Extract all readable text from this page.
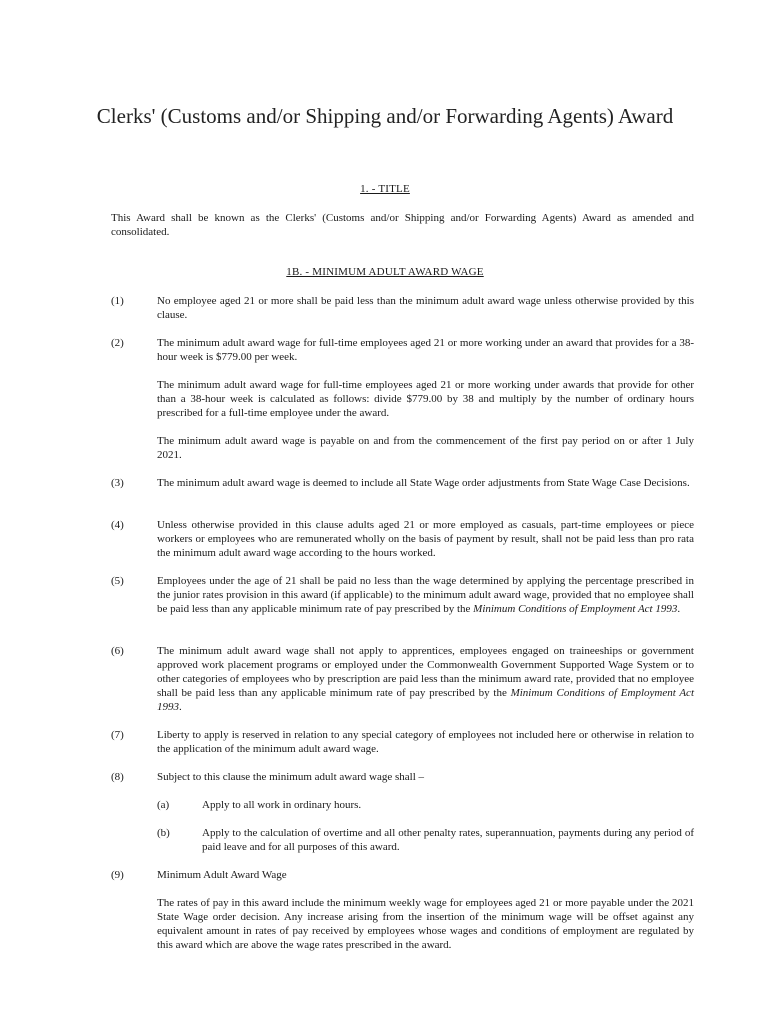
Clerks' (Customs and/or Shipping and/or Forwarding Agents) Award
1. - TITLE

This Award shall be known as the Clerks' (Customs and/or Shipping and/or Forwarding Agents) Award as amended and consolidated.

1B. - MINIMUM ADULT AWARD WAGE
(1)	No employee aged 21 or more shall be paid less than the minimum adult award wage unless otherwise provided by this clause.

(2)	The minimum adult award wage for full-time employees aged 21 or more working under an award that provides for a 38-hour week is $779.00 per week.

The minimum adult award wage for full-time employees aged 21 or more working under awards that provide for other than a 38-hour week is calculated as follows: divide $779.00 by 38 and multiply by the number of ordinary hours prescribed for a full-time employee under the award.

The minimum adult award wage is payable on and from the commencement of the first pay period on or after 1 July 2021.

(3)	The minimum adult award wage is deemed to include all State Wage order adjustments from State Wage Case Decisions.

(4)	Unless otherwise provided in this clause adults aged 21 or more employed as casuals, part-time employees or piece workers or employees who are remunerated wholly on the basis of payment by result, shall not be paid less than pro rata the minimum adult award wage according to the hours worked.

(5)	Employees under the age of 21 shall be paid no less than the wage determined by applying the percentage prescribed in the junior rates provision in this award (if applicable) to the minimum adult award wage, provided that no employee shall be paid less than any applicable minimum rate of pay prescribed by the Minimum Conditions of Employment Act 1993.

(6)	The minimum adult award wage shall not apply to apprentices, employees engaged on traineeships or government approved work placement programs or employed under the Commonwealth Government Supported Wage System or to other categories of employees who by prescription are paid less than the minimum award rate, provided that no employee shall be paid less than any applicable minimum rate of pay prescribed by the Minimum Conditions of Employment Act 1993.

(7)	Liberty to apply is reserved in relation to any special category of employees not included here or otherwise in relation to the application of the minimum adult award wage.

(8)	Subject to this clause the minimum adult award wage shall –

(a)	Apply to all work in ordinary hours.

(b)	Apply to the calculation of overtime and all other penalty rates, superannuation, payments during any period of paid leave and for all purposes of this award.

(9)	Minimum Adult Award Wage

The rates of pay in this award include the minimum weekly wage for employees aged 21 or more payable under the 2021 State Wage order decision. Any increase arising from the insertion of the minimum wage will be offset against any equivalent amount in rates of pay received by employees whose wages and conditions of employment are regulated by this award which are above the wage rates prescribed in the award.
